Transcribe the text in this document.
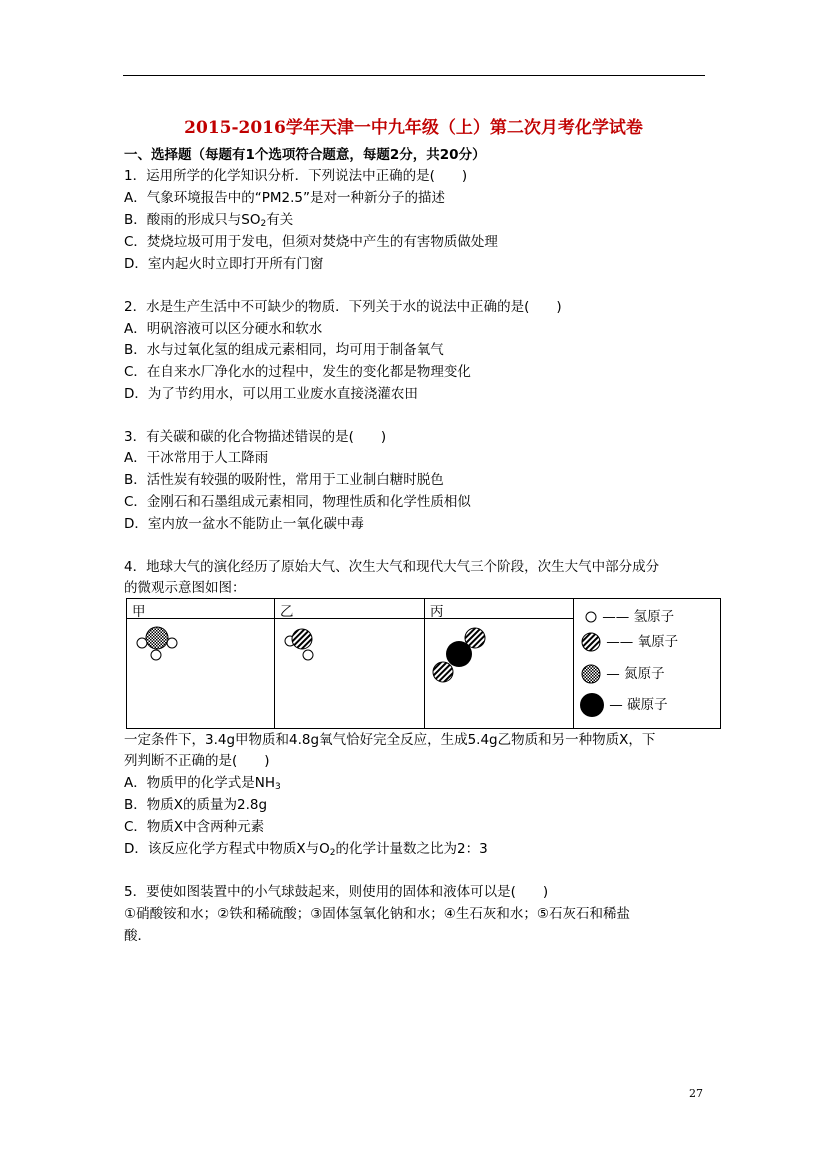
2015-2016学年天津一中九年级（上）第二次月考化学试卷
一、选择题（每题有1个选项符合题意，每题2分，共20分）
1．运用所学的化学知识分析．下列说法中正确的是(　　)
A．气象环境报告中的“PM2.5”是对一种新分子的描述
B．酸雨的形成只与$SO_2$有关
C．焚烧垃圾可用于发电，但须对焚烧中产生的有害物质做处理
D．室内起火时立即打开所有门窗
2．水是生产生活中不可缺少的物质．下列关于水的说法中正确的是(　　)
A．明矾溶液可以区分硬水和软水
B．水与过氧化氢的组成元素相同，均可用于制备氧气
C．在自来水厂净化水的过程中，发生的变化都是物理变化
D．为了节约用水，可以用工业废水直接浇灌农田
3．有关碳和碳的化合物描述错误的是(　　)
A．干冰常用于人工降雨
B．活性炭有较强的吸附性，常用于工业制白糖时脱色
C．金刚石和石墨组成元素相同，物理性质和化学性质相似
D．室内放一盆水不能防止一氧化碳中毒
4．地球大气的演化经历了原始大气、次生大气和现代大气三个阶段，次生大气中部分成分
的微观示意图如图：
甲	乙	丙	—— 氢原子
—— 氧原子
— 氮原子
— 碳原子
一定条件下，3.4g甲物质和4.8g氧气恰好完全反应，生成5.4g乙物质和另一种物质X，下
列判断不正确的是(　　)
A．物质甲的化学式是$NH_3$
B．物质X的质量为2.8g
C．物质X中含两种元素
D．该反应化学方程式中物质X与$O_2$的化学计量数之比为2：3
5．要使如图装置中的小气球鼓起来，则使用的固体和液体可以是(　　)
①硝酸铵和水；②铁和稀硫酸；③固体氢氧化钠和水；④生石灰和水；⑤石灰石和稀盐
酸．
27
